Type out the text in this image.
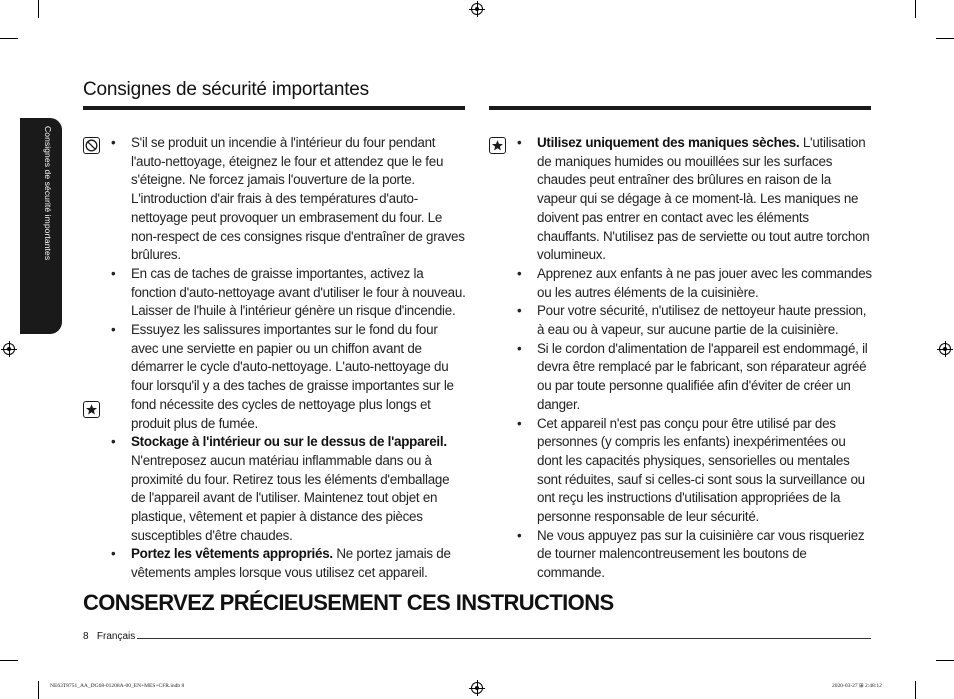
Consignes de sécurité importantes
Consignes de sécurité importantes
• S'il se produit un incendie à l'intérieur du four pendant l'auto-nettoyage, éteignez le four et attendez que le feu s'éteigne. Ne forcez jamais l'ouverture de la porte. L'introduction d'air frais à des températures d'auto-nettoyage peut provoquer un embrasement du four. Le non-respect de ces consignes risque d'entraîner de graves brûlures.
• En cas de taches de graisse importantes, activez la fonction d'auto-nettoyage avant d'utiliser le four à nouveau. Laisser de l'huile à l'intérieur génère un risque d'incendie.
• Essuyez les salissures importantes sur le fond du four avec une serviette en papier ou un chiffon avant de démarrer le cycle d'auto-nettoyage. L'auto-nettoyage du four lorsqu'il y a des taches de graisse importantes sur le fond nécessite des cycles de nettoyage plus longs et produit plus de fumée.
• Stockage à l'intérieur ou sur le dessus de l'appareil. N'entreposez aucun matériau inflammable dans ou à proximité du four. Retirez tous les éléments d'emballage de l'appareil avant de l'utiliser. Maintenez tout objet en plastique, vêtement et papier à distance des pièces susceptibles d'être chaudes.
• Portez les vêtements appropriés. Ne portez jamais de vêtements amples lorsque vous utilisez cet appareil.
• Utilisez uniquement des maniques sèches. L'utilisation de maniques humides ou mouillées sur les surfaces chaudes peut entraîner des brûlures en raison de la vapeur qui se dégage à ce moment-là. Les maniques ne doivent pas entrer en contact avec les éléments chauffants. N'utilisez pas de serviette ou tout autre torchon volumineux.
• Apprenez aux enfants à ne pas jouer avec les commandes ou les autres éléments de la cuisinière.
• Pour votre sécurité, n'utilisez de nettoyeur haute pression, à eau ou à vapeur, sur aucune partie de la cuisinière.
• Si le cordon d'alimentation de l'appareil est endommagé, il devra être remplacé par le fabricant, son réparateur agréé ou par toute personne qualifiée afin d'éviter de créer un danger.
• Cet appareil n'est pas conçu pour être utilisé par des personnes (y compris les enfants) inexpérimentées ou dont les capacités physiques, sensorielles ou mentales sont réduites, sauf si celles-ci sont sous la surveillance ou ont reçu les instructions d'utilisation appropriées de la personne responsable de leur sécurité.
• Ne vous appuyez pas sur la cuisinière car vous risqueriez de tourner malencontreusement les boutons de commande.
CONSERVEZ PRÉCIEUSEMENT CES INSTRUCTIONS
8 Français
NE63T8751_AA_DG68-01208A-00_EN+MES+CFR.indb 8	2020-03-27 ⊞ 2:48:12
